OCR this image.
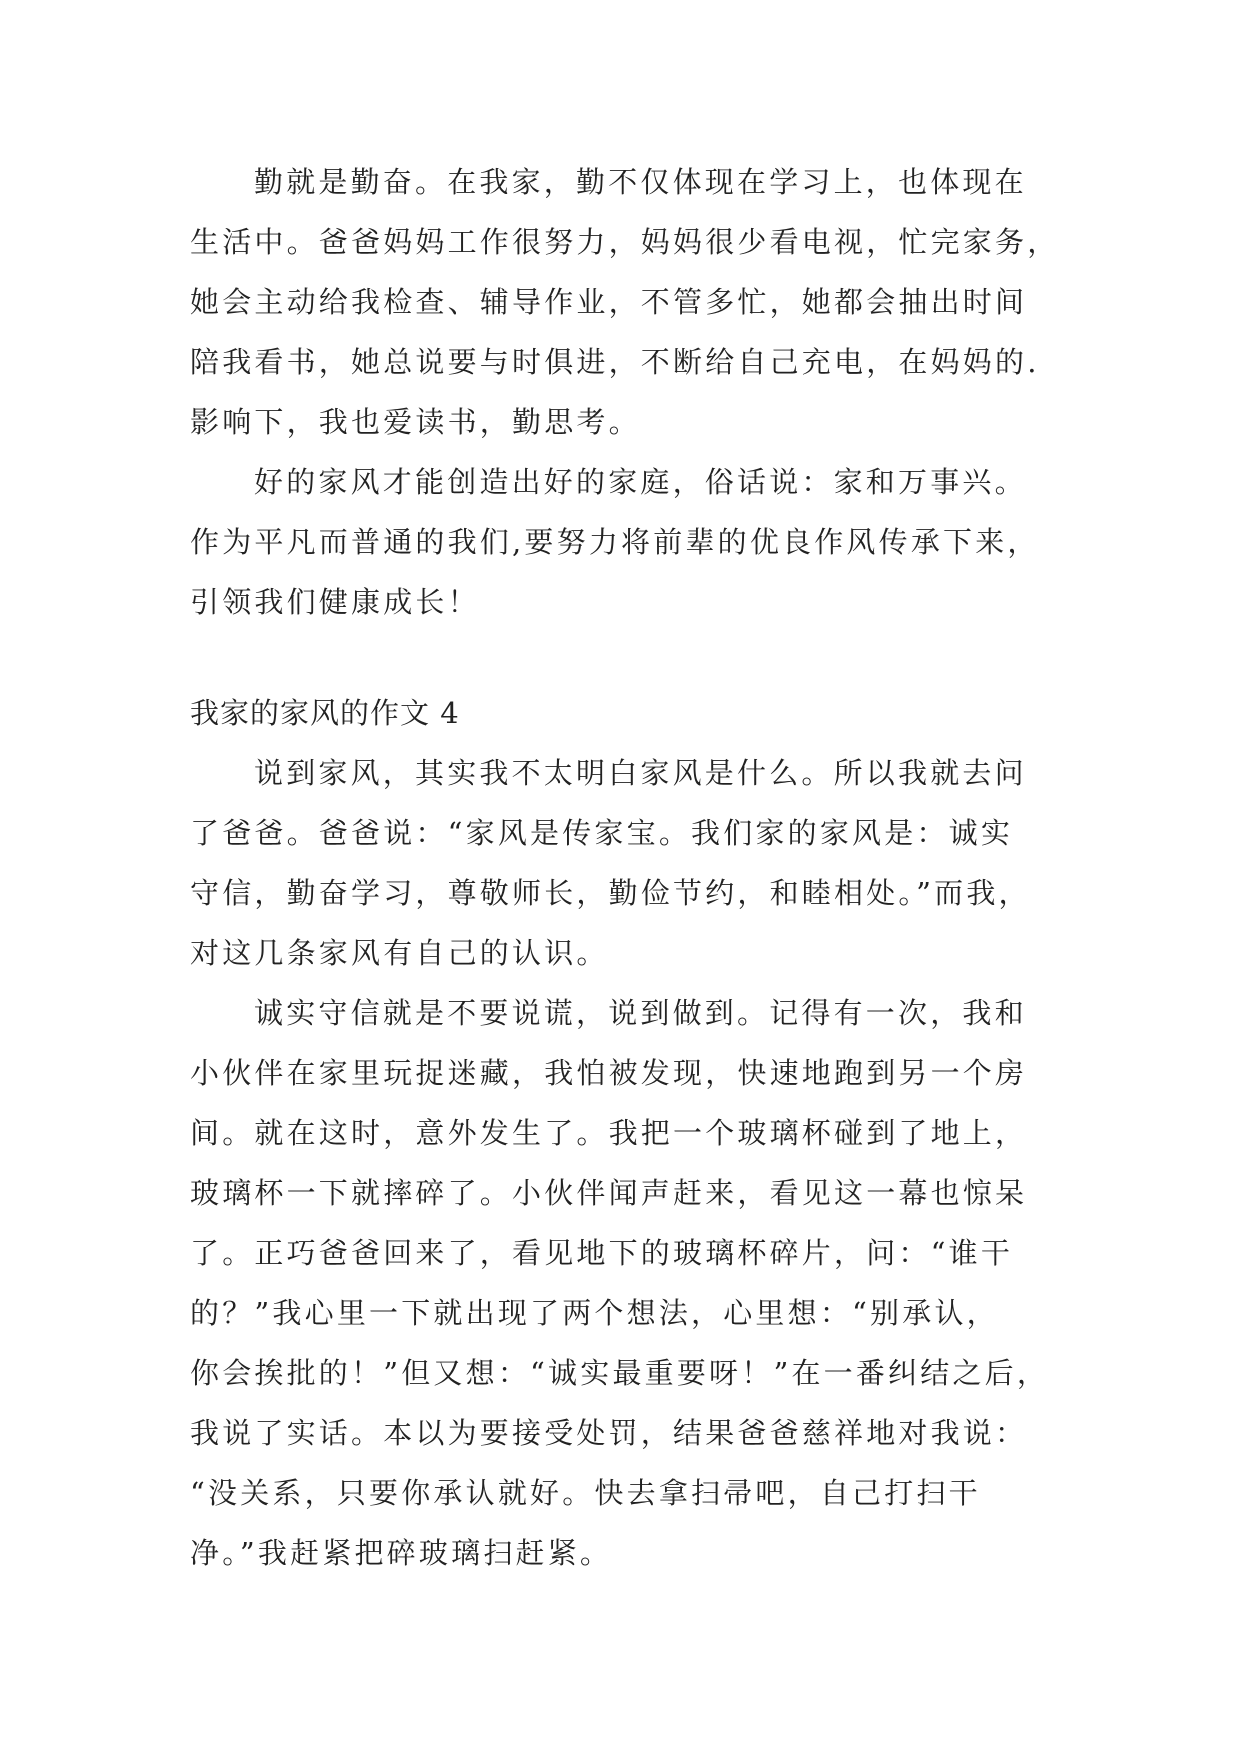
勤就是勤奋。在我家，勤不仅体现在学习上，也体现在
生活中。爸爸妈妈工作很努力，妈妈很少看电视，忙完家务，
她会主动给我检查、辅导作业，不管多忙，她都会抽出时间
陪我看书，她总说要与时俱进，不断给自己充电，在妈妈的.
影响下，我也爱读书，勤思考。
好的家风才能创造出好的家庭，俗话说：家和万事兴。
作为平凡而普通的我们,要努力将前辈的优良作风传承下来，
引领我们健康成长！
我家的家风的作文 4
说到家风，其实我不太明白家风是什么。所以我就去问
了爸爸。爸爸说：“家风是传家宝。我们家的家风是：诚实
守信，勤奋学习，尊敬师长，勤俭节约，和睦相处。”而我，
对这几条家风有自己的认识。
诚实守信就是不要说谎，说到做到。记得有一次，我和
小伙伴在家里玩捉迷藏，我怕被发现，快速地跑到另一个房
间。就在这时，意外发生了。我把一个玻璃杯碰到了地上，
玻璃杯一下就摔碎了。小伙伴闻声赶来，看见这一幕也惊呆
了。正巧爸爸回来了，看见地下的玻璃杯碎片，问：“谁干
的？”我心里一下就出现了两个想法，心里想：“别承认，
你会挨批的！”但又想：“诚实最重要呀！”在一番纠结之后，
我说了实话。本以为要接受处罚，结果爸爸慈祥地对我说：
“没关系，只要你承认就好。快去拿扫帚吧，自己打扫干
净。”我赶紧把碎玻璃扫赶紧。
